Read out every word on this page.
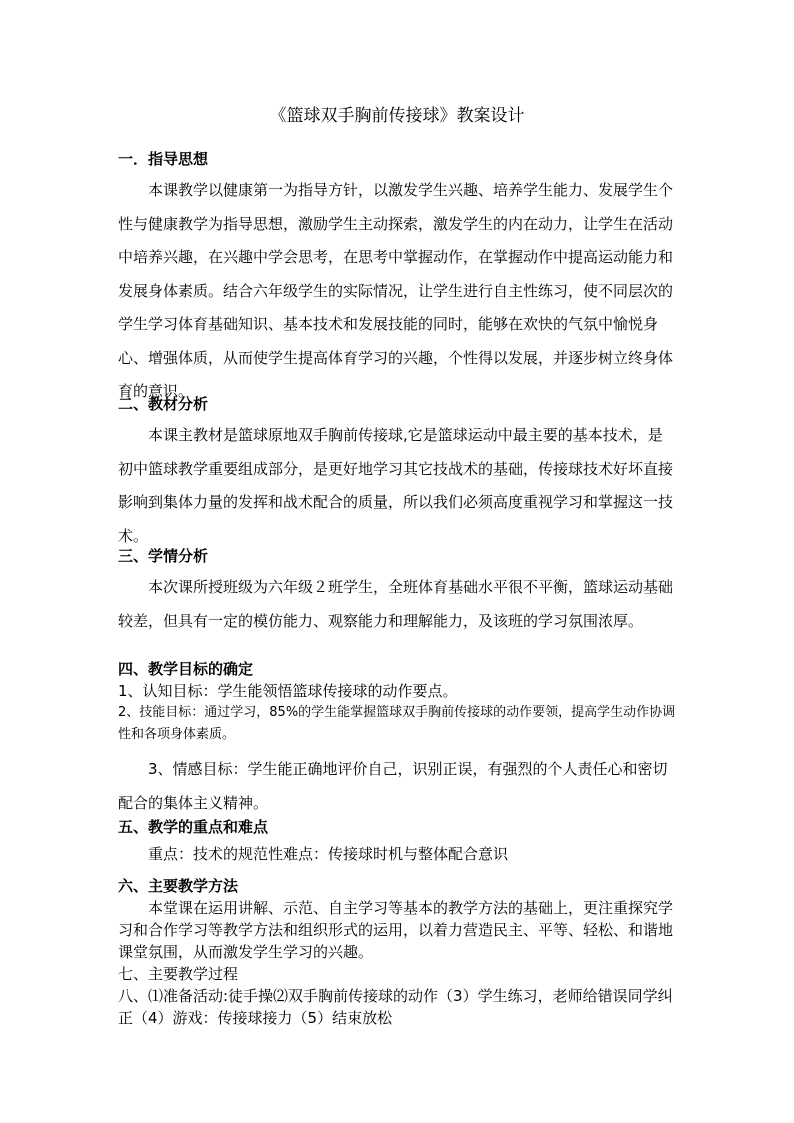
《篮球双手胸前传接球》教案设计
一．指导思想
本课教学以健康第一为指导方针，以激发学生兴趣、培养学生能力、发展学生个性与健康教学为指导思想，激励学生主动探索，激发学生的内在动力，让学生在活动中培养兴趣，在兴趣中学会思考，在思考中掌握动作，在掌握动作中提高运动能力和发展身体素质。结合六年级学生的实际情况，让学生进行自主性练习，使不同层次的学生学习体育基础知识、基本技术和发展技能的同时，能够在欢快的气氛中愉悦身心、增强体质，从而使学生提高体育学习的兴趣，个性得以发展，并逐步树立终身体育的意识。
二、教材分析
本课主教材是篮球原地双手胸前传接球,它是篮球运动中最主要的基本技术，是初中篮球教学重要组成部分，是更好地学习其它技战术的基础，传接球技术好坏直接影响到集体力量的发挥和战术配合的质量，所以我们必须高度重视学习和掌握这一技术。
三、学情分析
本次课所授班级为六年级２班学生，全班体育基础水平很不平衡，篮球运动基础较差，但具有一定的模仿能力、观察能力和理解能力，及该班的学习氛围浓厚。
四、教学目标的确定
1、认知目标：学生能领悟篮球传接球的动作要点。
2、技能目标：通过学习，85%的学生能掌握篮球双手胸前传接球的动作要领，提高学生动作协调性和各项身体素质。
3、情感目标：学生能正确地评价自己，识别正误，有强烈的个人责任心和密切配合的集体主义精神。
五、教学的重点和难点
重点：技术的规范性难点：传接球时机与整体配合意识
六、主要教学方法
本堂课在运用讲解、示范、自主学习等基本的教学方法的基础上，更注重探究学习和合作学习等教学方法和组织形式的运用，以着力营造民主、平等、轻松、和谐地课堂氛围，从而激发学生学习的兴趣。
七、主要教学过程
八、⑴准备活动:徒手操⑵双手胸前传接球的动作（3）学生练习，老师给错误同学纠正（4）游戏：传接球接力（5）结束放松
